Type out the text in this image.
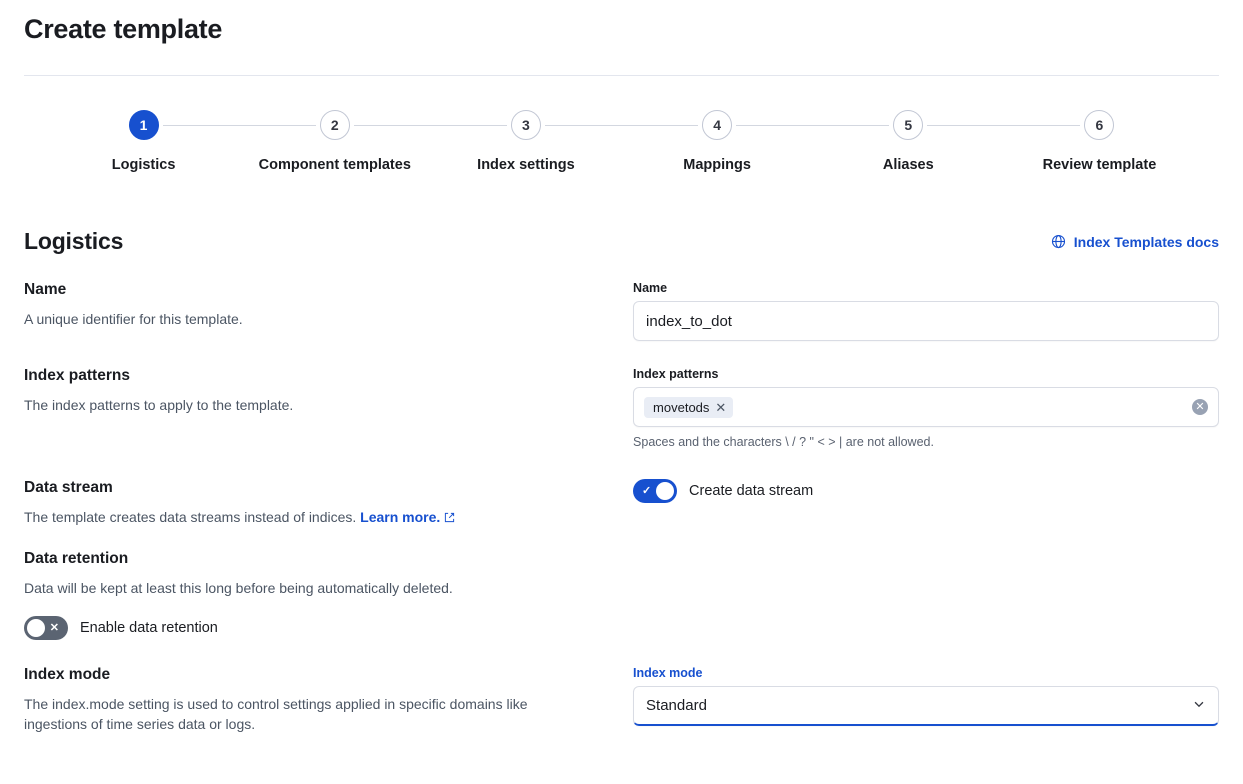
Create template
1
Logistics
2
Component templates
3
Index settings
4
Mappings
5
Aliases
6
Review template
Logistics	Index Templates docs
Name
A unique identifier for this template.
Name
index_to_dot
Index patterns
The index patterns to apply to the template.
Index patterns
movetods ✕	✕
Spaces and the characters \ / ? " < > | are not allowed.
Data stream
The template creates data streams instead of indices. Learn more.
✓	Create data stream
Data retention
Data will be kept at least this long before being automatically deleted.
✕ Enable data retention
Index mode
The index.mode setting is used to control settings applied in specific domains like ingestions of time series data or logs.
Index mode
Standard
